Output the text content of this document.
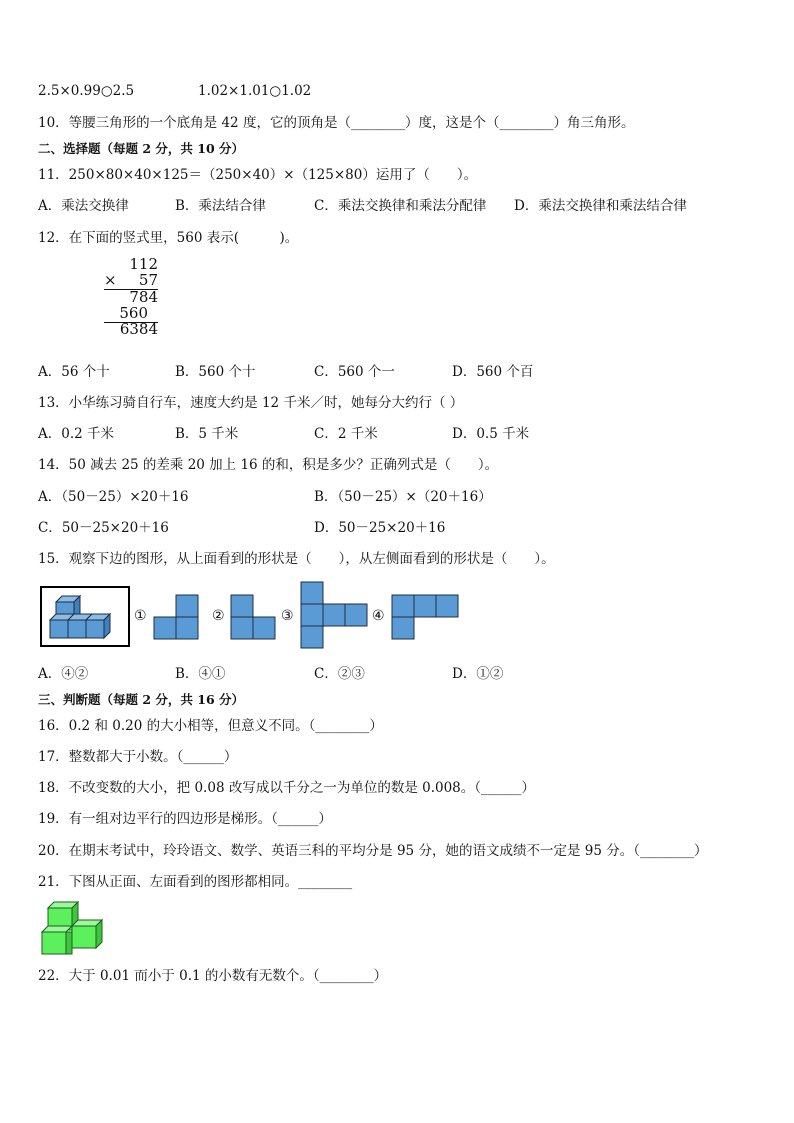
2.5×0.99○2.5	1.02×1.01○1.02
10．等腰三角形的一个底角是 42 度，它的顶角是（________）度，这是个（________）角三角形。
二、选择题（每题 2 分，共 10 分）
11．250×80×40×125＝（250×40）×（125×80）运用了（　　）。
A．乘法交换律	B．乘法结合律	C．乘法交换律和乘法分配律 D．乘法交换律和乘法结合律
12．在下面的竖式里，560 表示(　　　)。
112
× 57
784
560
6384
A．56 个十	B．560 个十	C．560 个一	D．560 个百
13．小华练习骑自行车，速度大约是 12 千米／时，她每分大约行（ ）
A．0.2 千米	B．5 千米	C．2 千米	D．0.5 千米
14．50 减去 25 的差乘 20 加上 16 的和，积是多少？正确列式是（　　）。
A．（50－25）×20＋16	B．（50－25）×（20＋16）
C．50－25×20＋16	D．50－25×20＋16
15．观察下边的图形，从上面看到的形状是（　　），从左侧面看到的形状是（　　）。
①	②	③	④
A．④②	B．④①	C．②③	D．①②
三、判断题（每题 2 分，共 16 分）
16．0.2 和 0.20 的大小相等，但意义不同。（________）
17．整数都大于小数。（______）
18．不改变数的大小，把 0.08 改写成以千分之一为单位的数是 0.008。（______）
19．有一组对边平行的四边形是梯形。（______）
20．在期末考试中，玲玲语文、数学、英语三科的平均分是 95 分，她的语文成绩不一定是 95 分。（________）
21．下图从正面、左面看到的图形都相同。________
22．大于 0.01 而小于 0.1 的小数有无数个。（________）
